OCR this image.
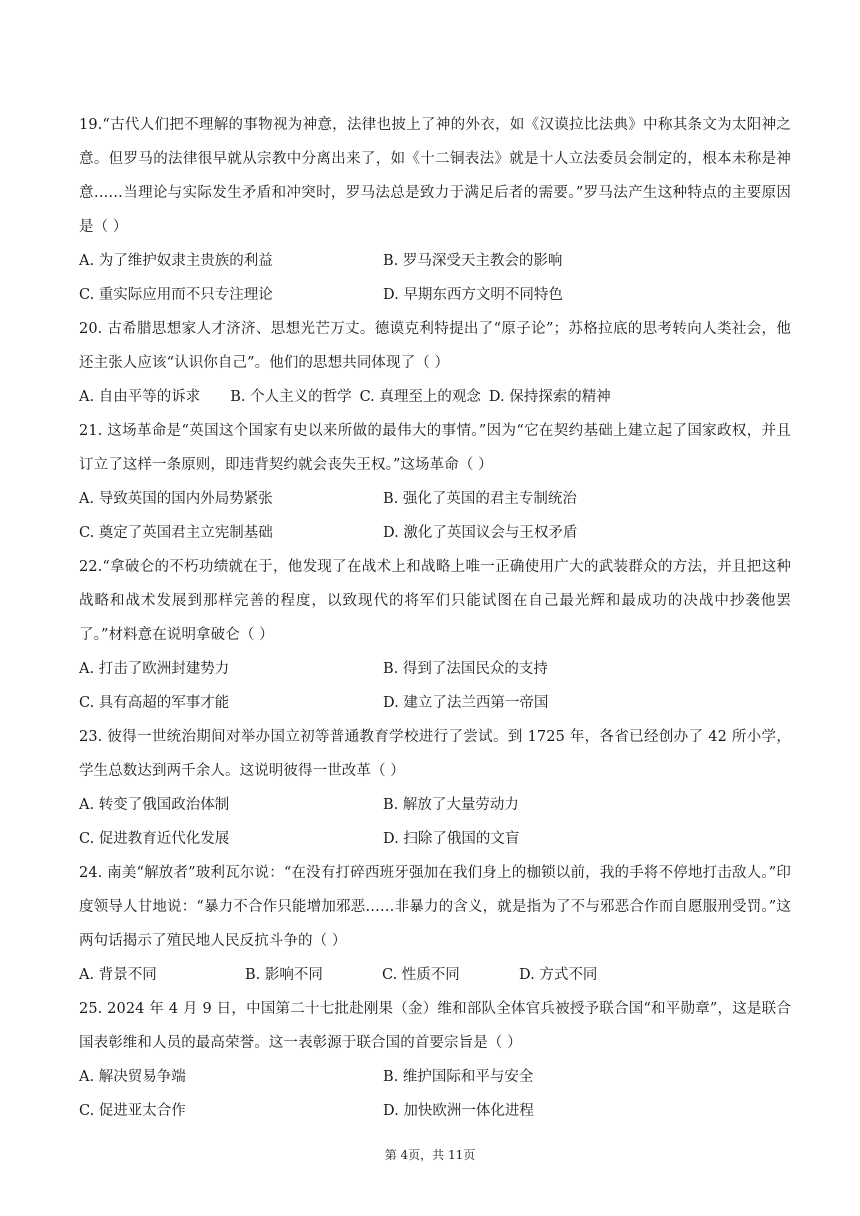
19.“古代人们把不理解的事物视为神意，法律也披上了神的外衣，如《汉谟拉比法典》中称其条文为太阳神之意。但罗马的法律很早就从宗教中分离出来了，如《十二铜表法》就是十人立法委员会制定的，根本未称是神意……当理论与实际发生矛盾和冲突时，罗马法总是致力于满足后者的需要。”罗马法产生这种特点的主要原因是（ ）

A. 为了维护奴隶主贵族的利益	B. 罗马深受天主教会的影响
C. 重实际应用而不只专注理论	D. 早期东西方文明不同特色

20. 古希腊思想家人才济济、思想光芒万丈。德谟克利特提出了“原子论”；苏格拉底的思考转向人类社会，他还主张人应该“认识你自己”。他们的思想共同体现了（ ）

A. 自由平等的诉求	B. 个人主义的哲学 C. 真理至上的观念 D. 保持探索的精神

21. 这场革命是“英国这个国家有史以来所做的最伟大的事情。”因为“它在契约基础上建立起了国家政权，并且订立了这样一条原则，即违背契约就会丧失王权。”这场革命（ ）

A. 导致英国的国内外局势紧张	B. 强化了英国的君主专制统治
C. 奠定了英国君主立宪制基础	D. 激化了英国议会与王权矛盾

22.“拿破仑的不朽功绩就在于，他发现了在战术上和战略上唯一正确使用广大的武装群众的方法，并且把这种战略和战术发展到那样完善的程度，以致现代的将军们只能试图在自己最光辉和最成功的决战中抄袭他罢了。”材料意在说明拿破仑（ ）

A. 打击了欧洲封建势力	B. 得到了法国民众的支持
C. 具有高超的军事才能	D. 建立了法兰西第一帝国

23. 彼得一世统治期间对举办国立初等普通教育学校进行了尝试。到 1725 年，各省已经创办了 42 所小学，学生总数达到两千余人。这说明彼得一世改革（ ）

A. 转变了俄国政治体制	B. 解放了大量劳动力
C. 促进教育近代化发展	D. 扫除了俄国的文盲

24. 南美“解放者”玻利瓦尔说：“在没有打碎西班牙强加在我们身上的枷锁以前，我的手将不停地打击敌人。”印度领导人甘地说：“暴力不合作只能增加邪恶……非暴力的含义，就是指为了不与邪恶合作而自愿服刑受罚。”这两句话揭示了殖民地人民反抗斗争的（ ）

A. 背景不同	B. 影响不同	C. 性质不同	D. 方式不同

25. 2024 年 4 月 9 日，中国第二十七批赴刚果（金）维和部队全体官兵被授予联合国“和平勋章”，这是联合国表彰维和人员的最高荣誉。这一表彰源于联合国的首要宗旨是（ ）

A. 解决贸易争端	B. 维护国际和平与安全
C. 促进亚太合作	D. 加快欧洲一体化进程
第 4页，共 11页
